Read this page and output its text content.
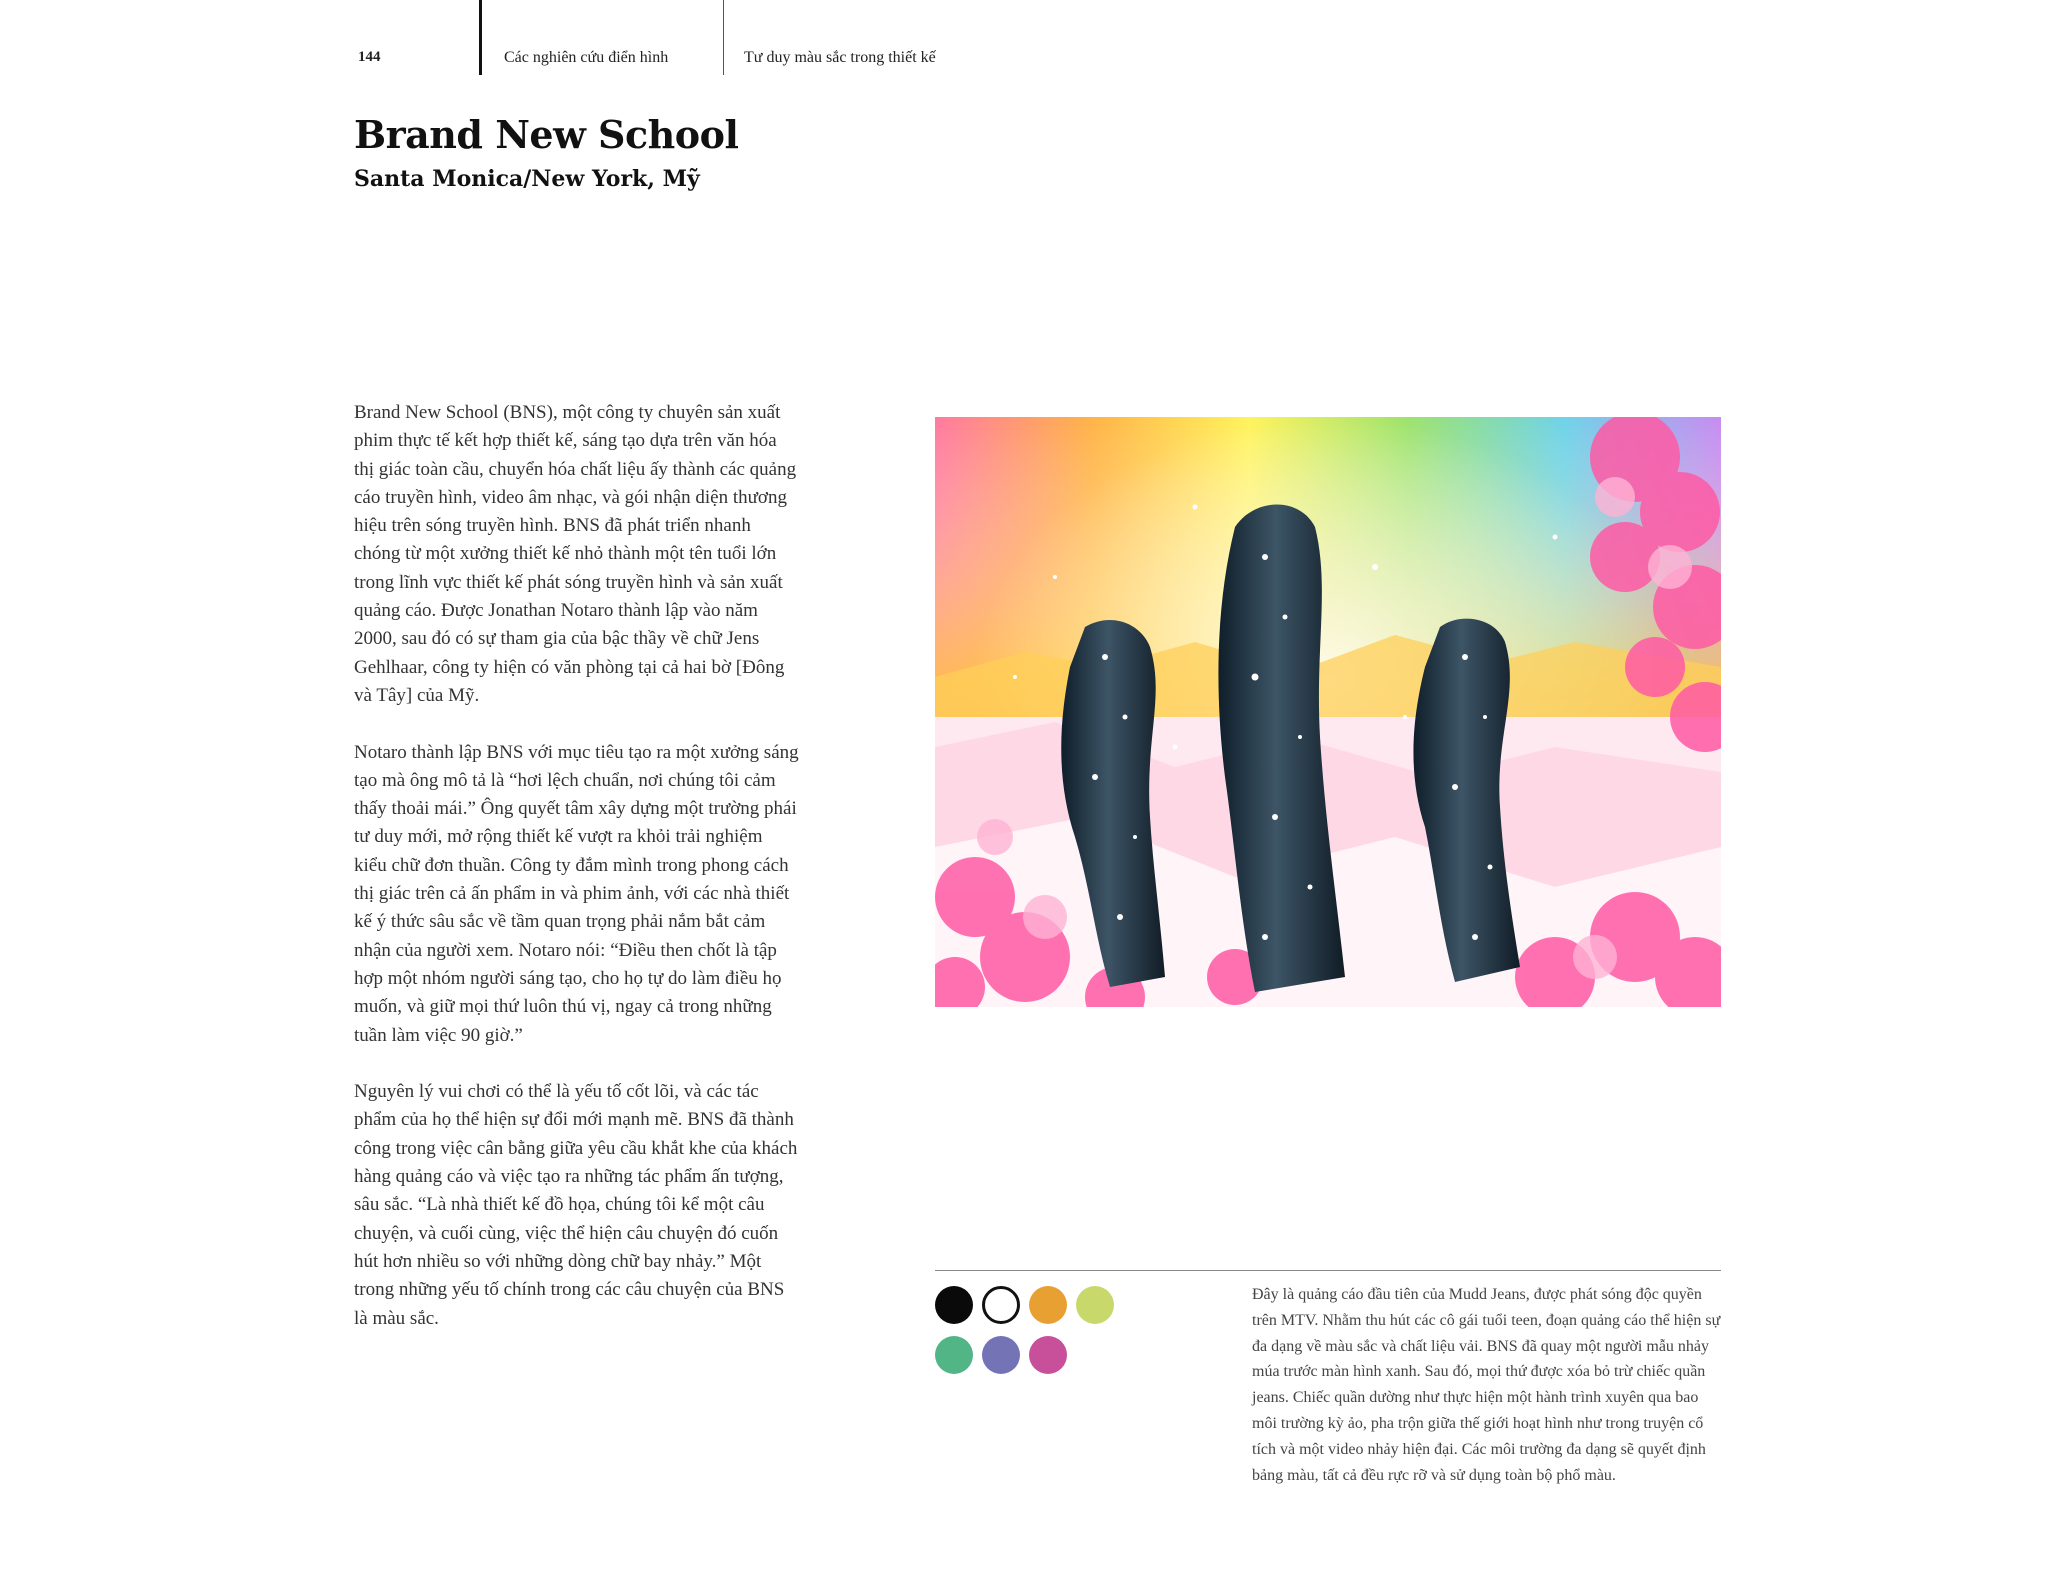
144	Các nghiên cứu điển hình	Tư duy màu sắc trong thiết kế
Brand New School
Santa Monica/New York, Mỹ

Brand New School (BNS), một công ty chuyên sản xuất phim thực tế kết hợp thiết kế, sáng tạo dựa trên văn hóa thị giác toàn cầu, chuyển hóa chất liệu ấy thành các quảng cáo truyền hình, video âm nhạc, và gói nhận diện thương hiệu trên sóng truyền hình. BNS đã phát triển nhanh chóng từ một xưởng thiết kế nhỏ thành một tên tuổi lớn trong lĩnh vực thiết kế phát sóng truyền hình và sản xuất quảng cáo. Được Jonathan Notaro thành lập vào năm 2000, sau đó có sự tham gia của bậc thầy về chữ Jens Gehlhaar, công ty hiện có văn phòng tại cả hai bờ [Đông và Tây] của Mỹ.

Notaro thành lập BNS với mục tiêu tạo ra một xưởng sáng tạo mà ông mô tả là “hơi lệch chuẩn, nơi chúng tôi cảm thấy thoải mái.” Ông quyết tâm xây dựng một trường phái tư duy mới, mở rộng thiết kế vượt ra khỏi trải nghiệm kiểu chữ đơn thuần. Công ty đắm mình trong phong cách thị giác trên cả ấn phẩm in và phim ảnh, với các nhà thiết kế ý thức sâu sắc về tầm quan trọng phải nắm bắt cảm nhận của người xem. Notaro nói: “Điều then chốt là tập hợp một nhóm người sáng tạo, cho họ tự do làm điều họ muốn, và giữ mọi thứ luôn thú vị, ngay cả trong những tuần làm việc 90 giờ.”

Nguyên lý vui chơi có thể là yếu tố cốt lõi, và các tác phẩm của họ thể hiện sự đổi mới mạnh mẽ. BNS đã thành công trong việc cân bằng giữa yêu cầu khắt khe của khách hàng quảng cáo và việc tạo ra những tác phẩm ấn tượng, sâu sắc. “Là nhà thiết kế đồ họa, chúng tôi kể một câu chuyện, và cuối cùng, việc thể hiện câu chuyện đó cuốn hút hơn nhiều so với những dòng chữ bay nhảy.” Một trong những yếu tố chính trong các câu chuyện của BNS là màu sắc.

Đây là quảng cáo đầu tiên của Mudd Jeans, được phát sóng độc quyền trên MTV. Nhằm thu hút các cô gái tuổi teen, đoạn quảng cáo thể hiện sự đa dạng về màu sắc và chất liệu vải. BNS đã quay một người mẫu nhảy múa trước màn hình xanh. Sau đó, mọi thứ được xóa bỏ trừ chiếc quần jeans. Chiếc quần dường như thực hiện một hành trình xuyên qua bao môi trường kỳ ảo, pha trộn giữa thế giới hoạt hình như trong truyện cổ tích và một video nhảy hiện đại. Các môi trường đa dạng sẽ quyết định bảng màu, tất cả đều rực rỡ và sử dụng toàn bộ phổ màu.
